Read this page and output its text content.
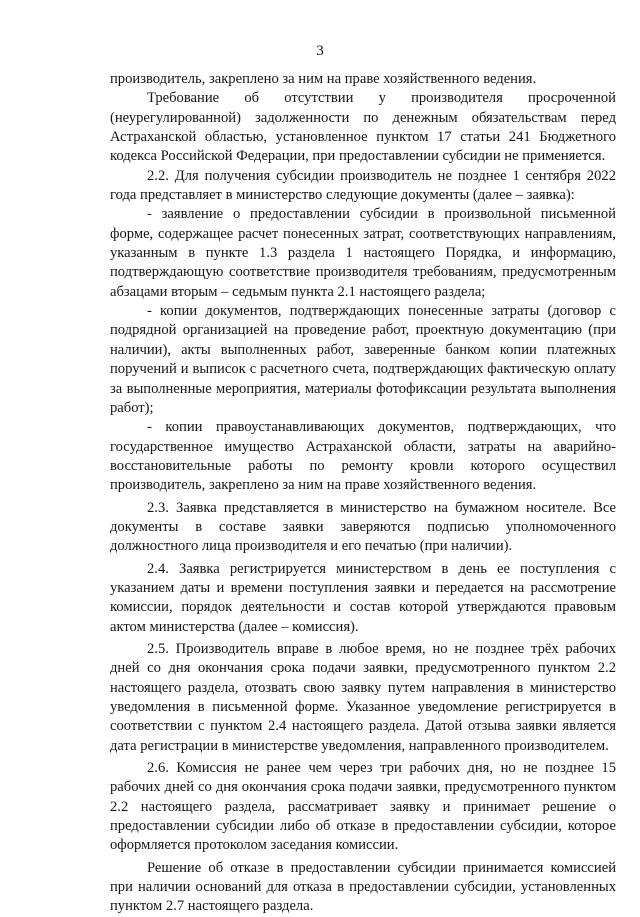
3

производитель, закреплено за ним на праве хозяйственного ведения.

Требование об отсутствии у производителя просроченной (неурегулированной) задолженности по денежным обязательствам перед Астраханской областью, установленное пунктом 17 статьи 241 Бюджетного кодекса Российской Федерации, при предоставлении субсидии не применяется.

2.2. Для получения субсидии производитель не позднее 1 сентября 2022 года представляет в министерство следующие документы (далее – заявка):

- заявление о предоставлении субсидии в произвольной письменной форме, содержащее расчет понесенных затрат, соответствующих направлениям, указанным в пункте 1.3 раздела 1 настоящего Порядка, и информацию, подтверждающую соответствие производителя требованиям, предусмотренным абзацами вторым – седьмым пункта 2.1 настоящего раздела;

- копии документов, подтверждающих понесенные затраты (договор с подрядной организацией на проведение работ, проектную документацию (при наличии), акты выполненных работ, заверенные банком копии платежных поручений и выписок с расчетного счета, подтверждающих фактическую оплату за выполненные мероприятия, материалы фотофиксации результата выполнения работ);

- копии правоустанавливающих документов, подтверждающих, что государственное имущество Астраханской области, затраты на аварийно-восстановительные работы по ремонту кровли которого осуществил производитель, закреплено за ним на праве хозяйственного ведения.

2.3. Заявка представляется в министерство на бумажном носителе. Все документы в составе заявки заверяются подписью уполномоченного должностного лица производителя и его печатью (при наличии).

2.4. Заявка регистрируется министерством в день ее поступления с указанием даты и времени поступления заявки и передается на рассмотрение комиссии, порядок деятельности и состав которой утверждаются правовым актом министерства (далее – комиссия).

2.5. Производитель вправе в любое время, но не позднее трёх рабочих дней со дня окончания срока подачи заявки, предусмотренного пунктом 2.2 настоящего раздела, отозвать свою заявку путем направления в министерство уведомления в письменной форме. Указанное уведомление регистрируется в соответствии с пунктом 2.4 настоящего раздела. Датой отзыва заявки является дата регистрации в министерстве уведомления, направленного производителем.

2.6. Комиссия не ранее чем через три рабочих дня, но не позднее 15 рабочих дней со дня окончания срока подачи заявки, предусмотренного пунктом 2.2 настоящего раздела, рассматривает заявку и принимает решение о предоставлении субсидии либо об отказе в предоставлении субсидии, которое оформляется протоколом заседания комиссии.

Решение об отказе в предоставлении субсидии принимается комиссией при наличии оснований для отказа в предоставлении субсидии, установленных пунктом 2.7 настоящего раздела.
